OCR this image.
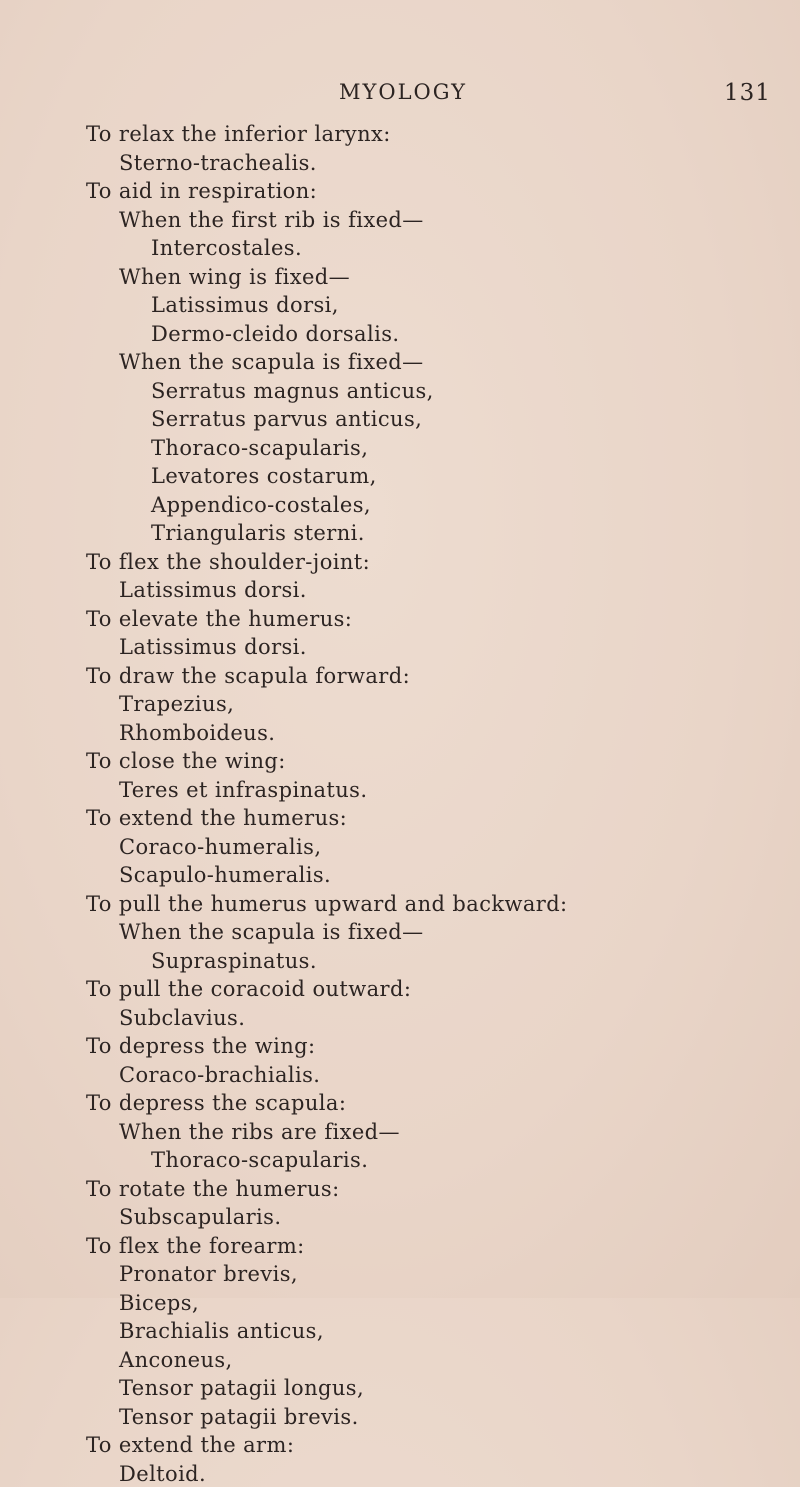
MYOLOGY	131
To relax the inferior larynx:
Sterno-trachealis.
To aid in respiration:
When the first rib is fixed—
Intercostales.
When wing is fixed—
Latissimus dorsi,
Dermo-cleido dorsalis.
When the scapula is fixed—
Serratus magnus anticus,
Serratus parvus anticus,
Thoraco-scapularis,
Levatores costarum,
Appendico-costales,
Triangularis sterni.
To flex the shoulder-joint:
Latissimus dorsi.
To elevate the humerus:
Latissimus dorsi.
To draw the scapula forward:
Trapezius,
Rhomboideus.
To close the wing:
Teres et infraspinatus.
To extend the humerus:
Coraco-humeralis,
Scapulo-humeralis.
To pull the humerus upward and backward:
When the scapula is fixed—
Supraspinatus.
To pull the coracoid outward:
Subclavius.
To depress the wing:
Coraco-brachialis.
To depress the scapula:
When the ribs are fixed—
Thoraco-scapularis.
To rotate the humerus:
Subscapularis.
To flex the forearm:
Pronator brevis,
Biceps,
Brachialis anticus,
Anconeus,
Tensor patagii longus,
Tensor patagii brevis.
To extend the arm:
Deltoid.
